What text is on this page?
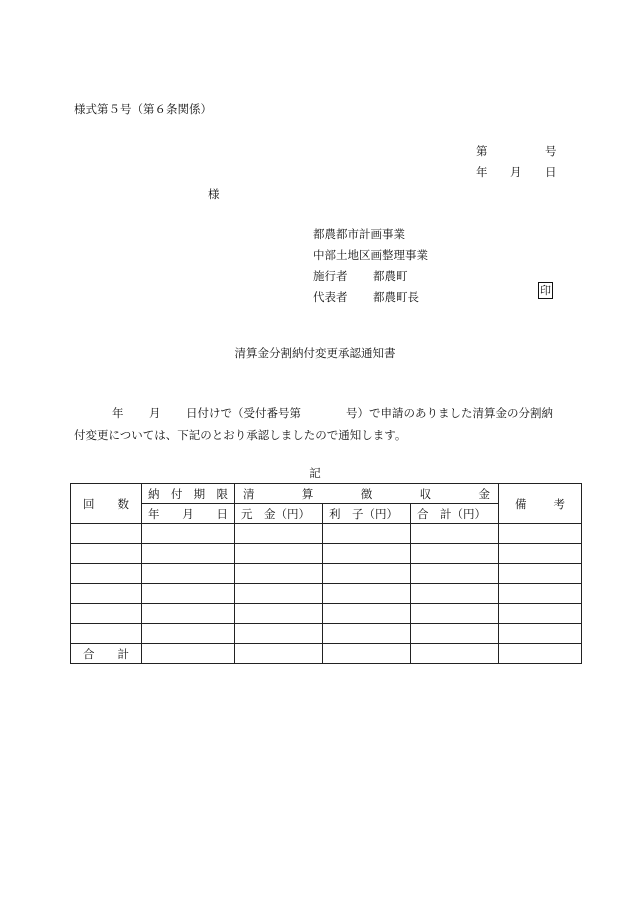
様式第５号（第６条関係）
第	号
年 月 日
様
都農都市計画事業
中部土地区画整理事業
施行者	都農町
代表者	都農町長	印
清算金分割納付変更承認通知書
年 月 日付けで（受付番号第	号）で申請のありました清算金の分割納
付変更については、下記のとおり承認しましたので通知します。
記
回 数	納 付 期 限	清 算 徴 収 金			備 考

	年 月 日	元　金（円）	利　子（円）	合　計（円）	

合 計					
